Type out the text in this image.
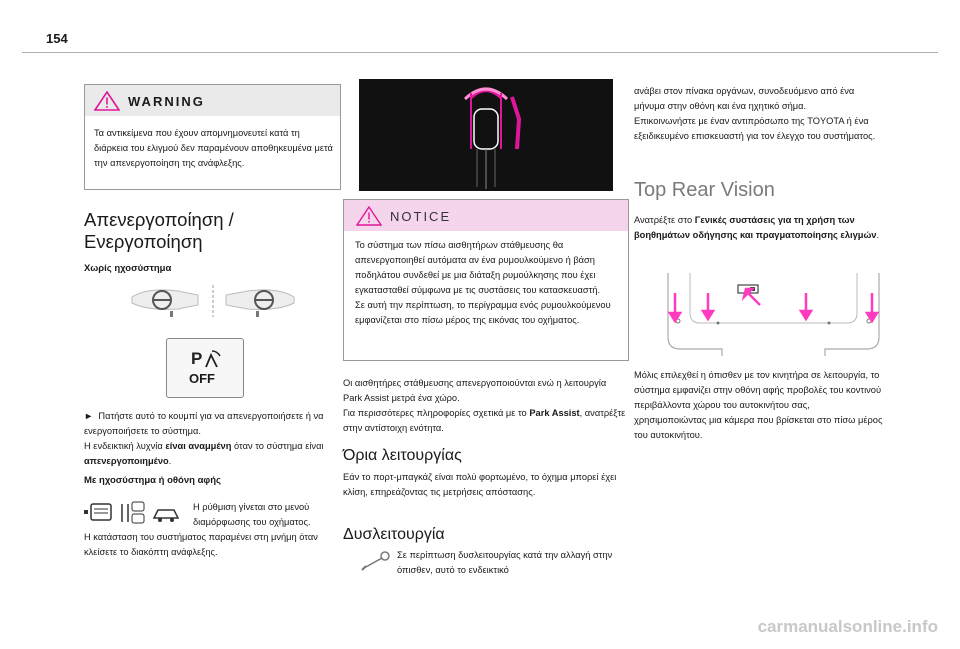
154
WARNING
Τα αντικείμενα που έχουν απομνημονευτεί κατά τη διάρκεια του ελιγμού δεν παραμένουν αποθηκευμένα μετά την απενεργοποίηση της ανάφλεξης.
Απενεργοποίηση /
Ενεργοποίηση
Χωρίς ηχοσύστημα
P
OFF
► Πατήστε αυτό το κουμπί για να απενεργοποιήσετε ή να ενεργοποιήσετε το σύστημα.
Η ενδεικτική λυχνία είναι αναμμένη όταν το σύστημα είναι απενεργοποιημένο.
Με ηχοσύστημα ή οθόνη αφής
Η ρύθμιση γίνεται στο μενού διαμόρφωσης του οχήματος.
Η κατάσταση του συστήματος παραμένει στη μνήμη όταν κλείσετε το διακόπτη ανάφλεξης.
NOTICE
Το σύστημα των πίσω αισθητήρων στάθμευσης θα απενεργοποιηθεί αυτόματα αν ένα ρυμουλκούμενο ή βάση ποδηλάτου συνδεθεί με μια διάταξη ρυμούλκησης που έχει εγκατασταθεί σύμφωνα με τις συστάσεις του κατασκευαστή.
Σε αυτή την περίπτωση, το περίγραμμα ενός ρυμουλκούμενου εμφανίζεται στο πίσω μέρος της εικόνας του οχήματος.
Οι αισθητήρες στάθμευσης απενεργοποιούνται ενώ η λειτουργία Park Assist μετρά ένα χώρο.
Για περισσότερες πληροφορίες σχετικά με το Park Assist, ανατρέξτε στην αντίστοιχη ενότητα.
Όρια λειτουργίας
Εάν το πορτ-μπαγκάζ είναι πολύ φορτωμένο, το όχημα μπορεί έχει κλίση, επηρεάζοντας τις μετρήσεις απόστασης.
Δυσλειτουργία
Σε περίπτωση δυσλειτουργίας κατά την αλλαγή στην όπισθεν, αυτό το ενδεικτικό
ανάβει στον πίνακα οργάνων, συνοδευόμενο από ένα μήνυμα στην οθόνη και ένα ηχητικό σήμα.
Επικοινωνήστε με έναν αντιπρόσωπο της TOYOTA ή ένα εξειδικευμένο επισκευαστή για τον έλεγχο του συστήματος.
Top Rear Vision
Ανατρέξτε στο Γενικές συστάσεις για τη χρήση των βοηθημάτων οδήγησης και πραγματοποίησης ελιγμών.
Μόλις επιλεχθεί η όπισθεν με τον κινητήρα σε λειτουργία, το σύστημα εμφανίζει στην οθόνη αφής προβολές του κοντινού περιβάλλοντα χώρου του αυτοκινήτου σας, χρησιμοποιώντας μια κάμερα που βρίσκεται στο πίσω μέρος του αυτοκινήτου.
carmanualsonline.info
